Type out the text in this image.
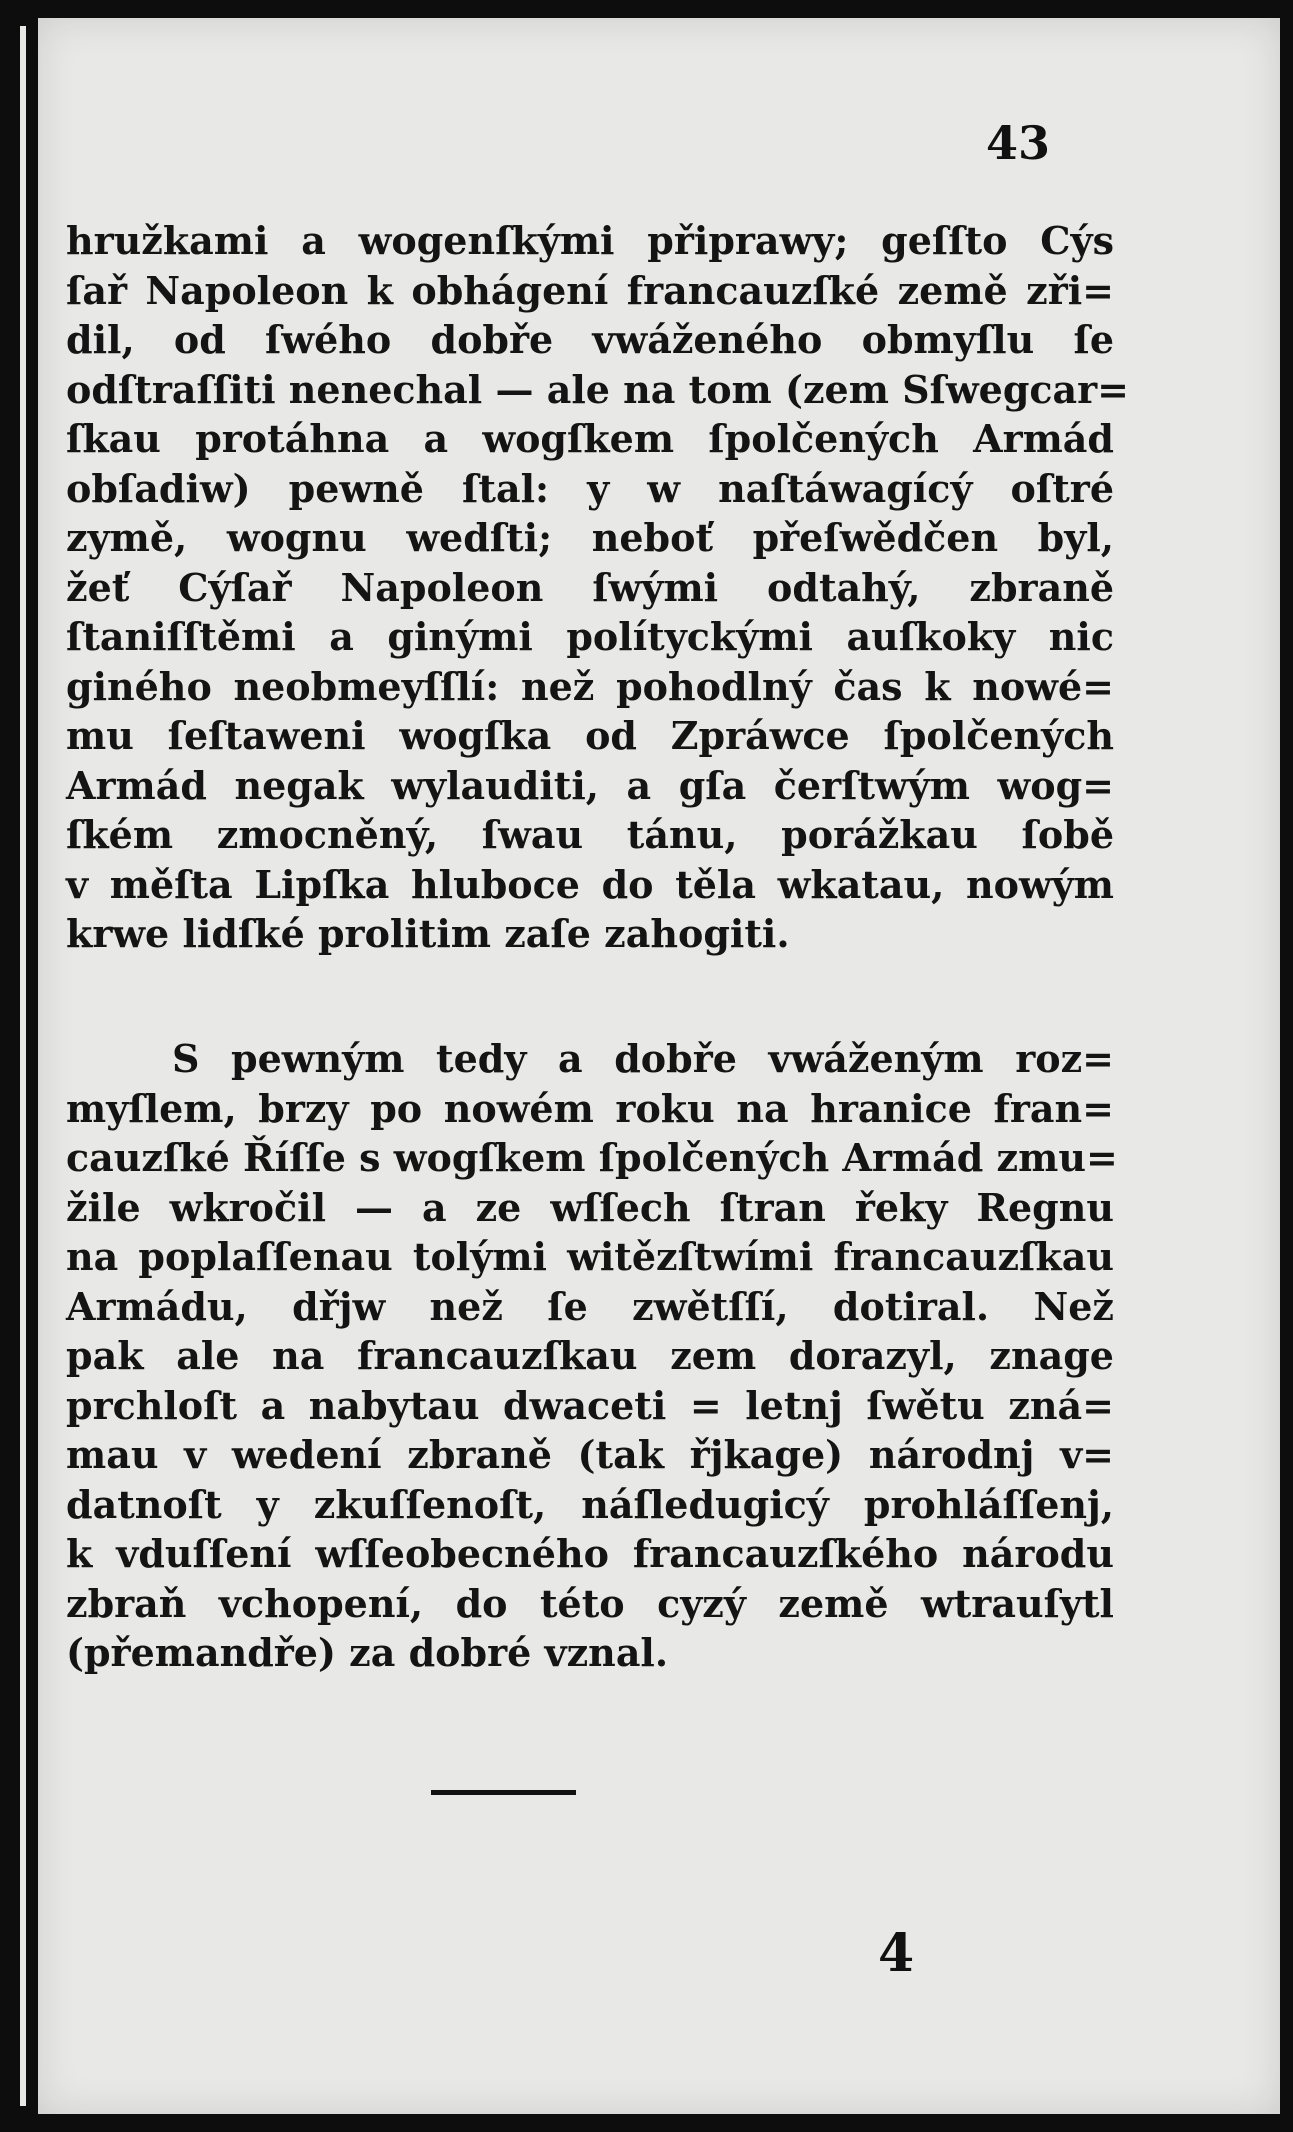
43
hružkami a wogenſkými připrawy; geſſto Cýs
ſař Napoleon k obhágení francauzſké země zři=
dil, od ſwého dobře vwáženého obmyſlu ſe
odſtraſſiti nenechal — ale na tom (zem Sſwegcar=
ſkau protáhna a wogſkem ſpolčených Armád
obſadiw) pewně ſtal: y w naſtáwagícý oſtré
zymě, wognu wedſti; neboť přeſwědčen byl,
žeť Cýſař Napoleon ſwými odtahý, zbraně
ſtaniſſtěmi a ginými polítyckými auſkoky nic
giného neobmeyſſlí: než pohodlný čas k nowé=
mu ſeſtaweni wogſka od Zpráwce ſpolčených
Armád negak wylauditi, a gſa čerſtwým wog=
ſkém zmocněný, ſwau tánu, porážkau ſobě
v měſta Lipſka hluboce do těla wkatau, nowým
krwe lidſké prolitim zaſe zahogiti.
S pewným tedy a dobře vwáženým roz=
myſlem, brzy po nowém roku na hranice fran=
cauzſké Říſſe s wogſkem ſpolčených Armád zmu=
žile wkročil — a ze wſſech ſtran řeky Regnu
na poplaſſenau tolými witězſtwími francauzſkau
Armádu, dřjw než ſe zwětſſí, dotiral. Než
pak ale na francauzſkau zem dorazyl, znage
prchloſt a nabytau dwaceti = letnj ſwětu zná=
mau v wedení zbraně (tak řjkage) národnj v=
datnoſt y zkuſſenoſt, náſledugicý prohláſſenj,
k vduſſení wſſeobecného francauzſkého národu
zbraň vchopení, do této cyzý země wtrauſytl
(přemandře) za dobré vznal.
4
